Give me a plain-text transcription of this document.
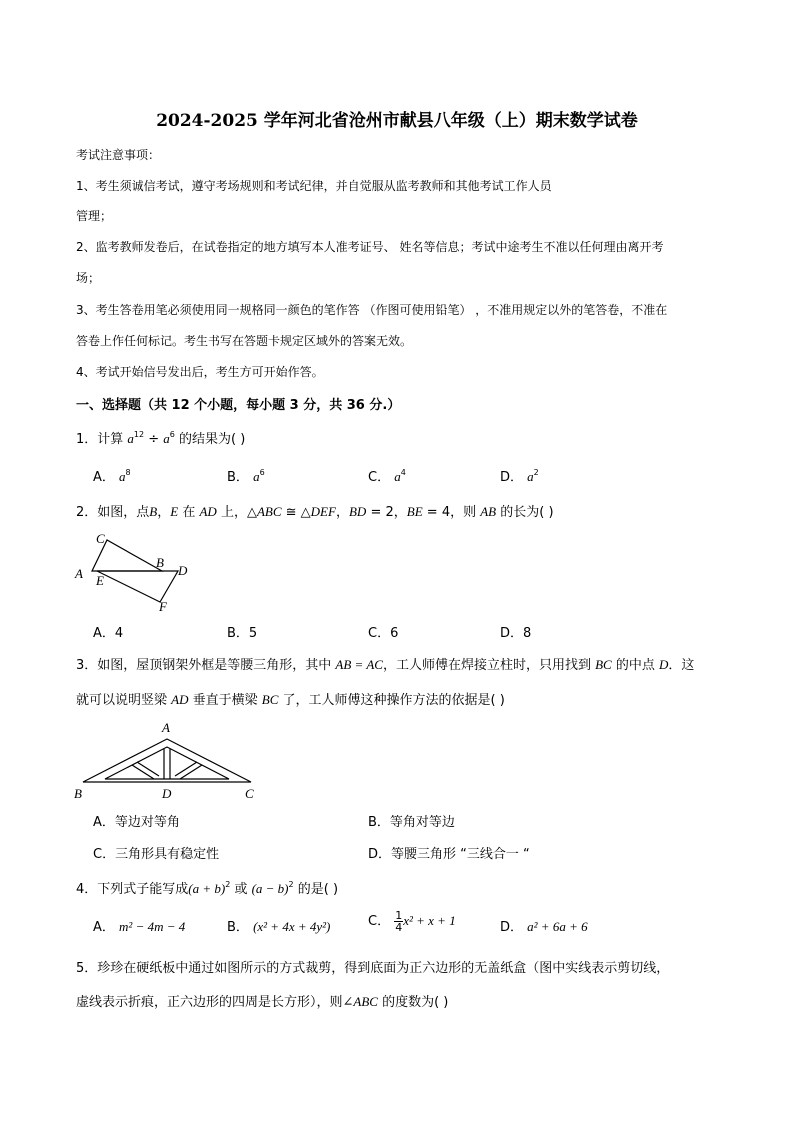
2024-2025 学年河北省沧州市献县八年级（上）期末数学试卷
考试注意事项：
1、考生须诚信考试，遵守考场规则和考试纪律，并自觉服从监考教师和其他考试工作人员
管理；
2、监考教师发卷后，在试卷指定的地方填写本人准考证号、 姓名等信息；考试中途考生不准以任何理由离开考
场；
3、考生答卷用笔必须使用同一规格同一颜色的笔作答 （作图可使用铅笔） ，不准用规定以外的笔答卷，不准在
答卷上作任何标记。考生书写在答题卡规定区域外的答案无效。
4、考试开始信号发出后，考生方可开始作答。
一、选择题（共 12 个小题，每小题 3 分，共 36 分.）
1．计算 $a^{12} \div a^6$ 的结果为( )
A． $a^8$	B． $a^6$	C． $a^4$	D． $a^2$
2．如图，点B，E 在 AD 上，△ABC ≅ △DEF，BD = 2，BE = 4，则 AB 的长为( )
A
C
B
D
E
F
A．4	B．5	C．6	D．8
3．如图，屋顶钢架外框是等腰三角形，其中 AB = AC，工人师傅在焊接立柱时，只用找到 BC 的中点 D．这
就可以说明竖梁 AD 垂直于横梁 BC 了，工人师傅这种操作方法的依据是( )
A
B	D	C
A．等边对等角	B．等角对等边
C．三角形具有稳定性	D．等腰三角形 “三线合一 “
4．下列式子能写成$(a + b)^2$ 或 $(a - b)^2$ 的是( )
A． m² − 4m − 4	B． (x² + 4x + 4y²)	C． $\frac{1}{4} x^2 + x + 1$	D． a² + 6a + 6
5．珍珍在硬纸板中通过如图所示的方式裁剪，得到底面为正六边形的无盖纸盒（图中实线表示剪切线，
虚线表示折痕，正六边形的四周是长方形），则∠ABC 的度数为( )
